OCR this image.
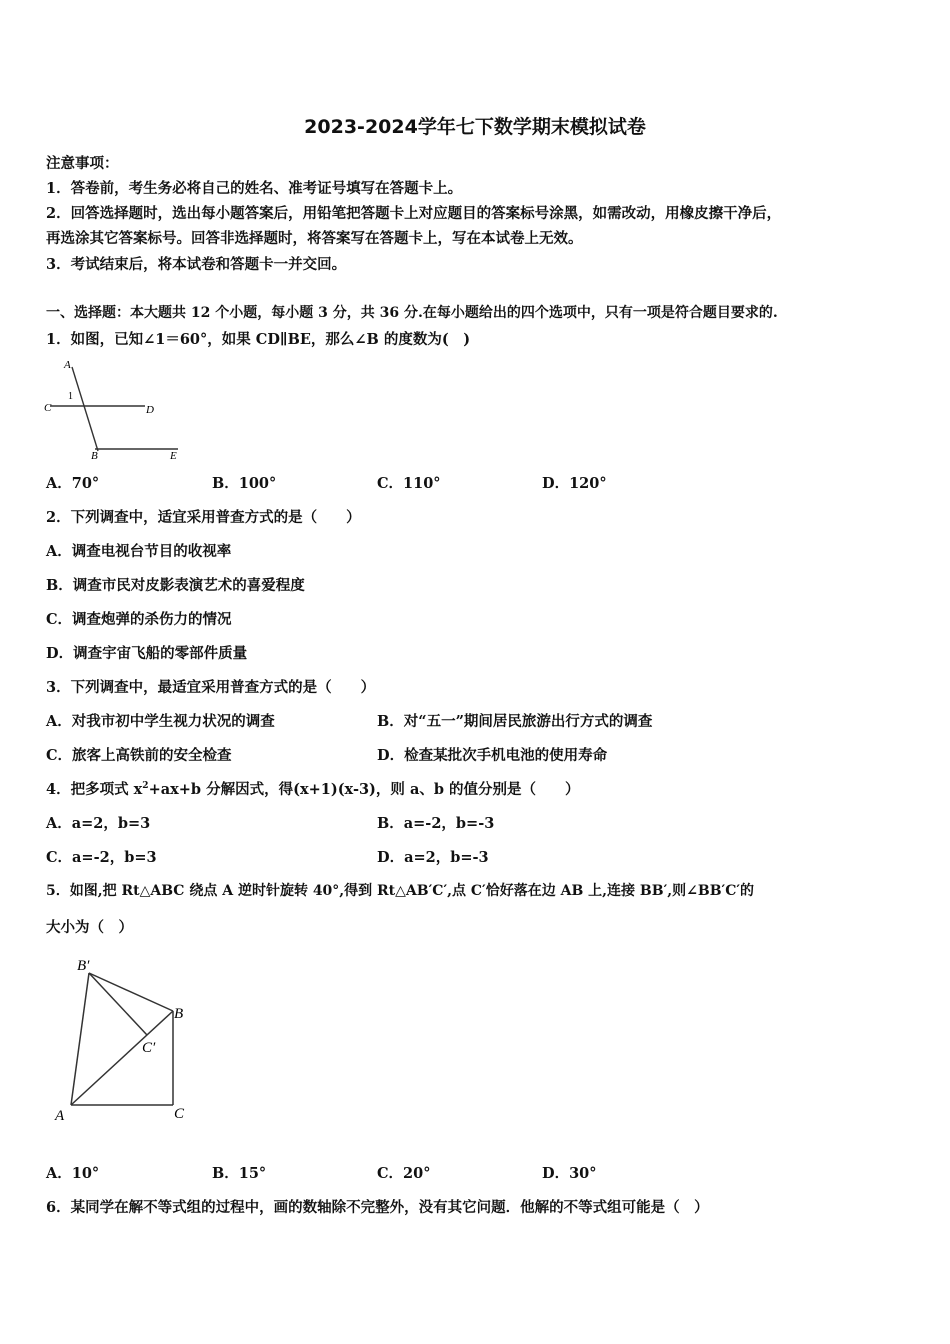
2023-2024学年七下数学期末模拟试卷
注意事项：
1．答卷前，考生务必将自己的姓名、准考证号填写在答题卡上。
2．回答选择题时，选出每小题答案后，用铅笔把答题卡上对应题目的答案标号涂黑，如需改动，用橡皮擦干净后，
再选涂其它答案标号。回答非选择题时，将答案写在答题卡上，写在本试卷上无效。
3．考试结束后，将本试卷和答题卡一并交回。
一、选择题：本大题共 12 个小题，每小题 3 分，共 36 分.在每小题给出的四个选项中，只有一项是符合题目要求的.
1．如图，已知∠1＝60°，如果 CD∥BE，那么∠B 的度数为(　)
A
C	D
B	E
1
A．70°	B．100°	C．110°	D．120°
2．下列调查中，适宜采用普查方式的是（　　）
A．调查电视台节目的收视率
B．调查市民对皮影表演艺术的喜爱程度
C．调查炮弹的杀伤力的情况
D．调查宇宙飞船的零部件质量
3．下列调查中，最适宜采用普查方式的是（　　）
A．对我市初中学生视力状况的调查	B．对“五一”期间居民旅游出行方式的调查
C．旅客上高铁前的安全检查	D．检查某批次手机电池的使用寿命
4．把多项式 $x^2+ax+b$ 分解因式，得(x+1)(x-3)，则 a、b 的值分别是（　　）
A．a=2，b=3	B．a=-2，b=-3
C．a=-2，b=3	D．a=2，b=-3
5．如图,把 Rt△ABC 绕点 A 逆时针旋转 40°,得到 Rt△AB′C′,点 C′恰好落在边 AB 上,连接 BB′,则∠BB′C′的
大小为（　）
B′
B
C′
A	C
A．10°	B．15°	C．20°	D．30°
6．某同学在解不等式组的过程中，画的数轴除不完整外，没有其它问题．他解的不等式组可能是（　）
